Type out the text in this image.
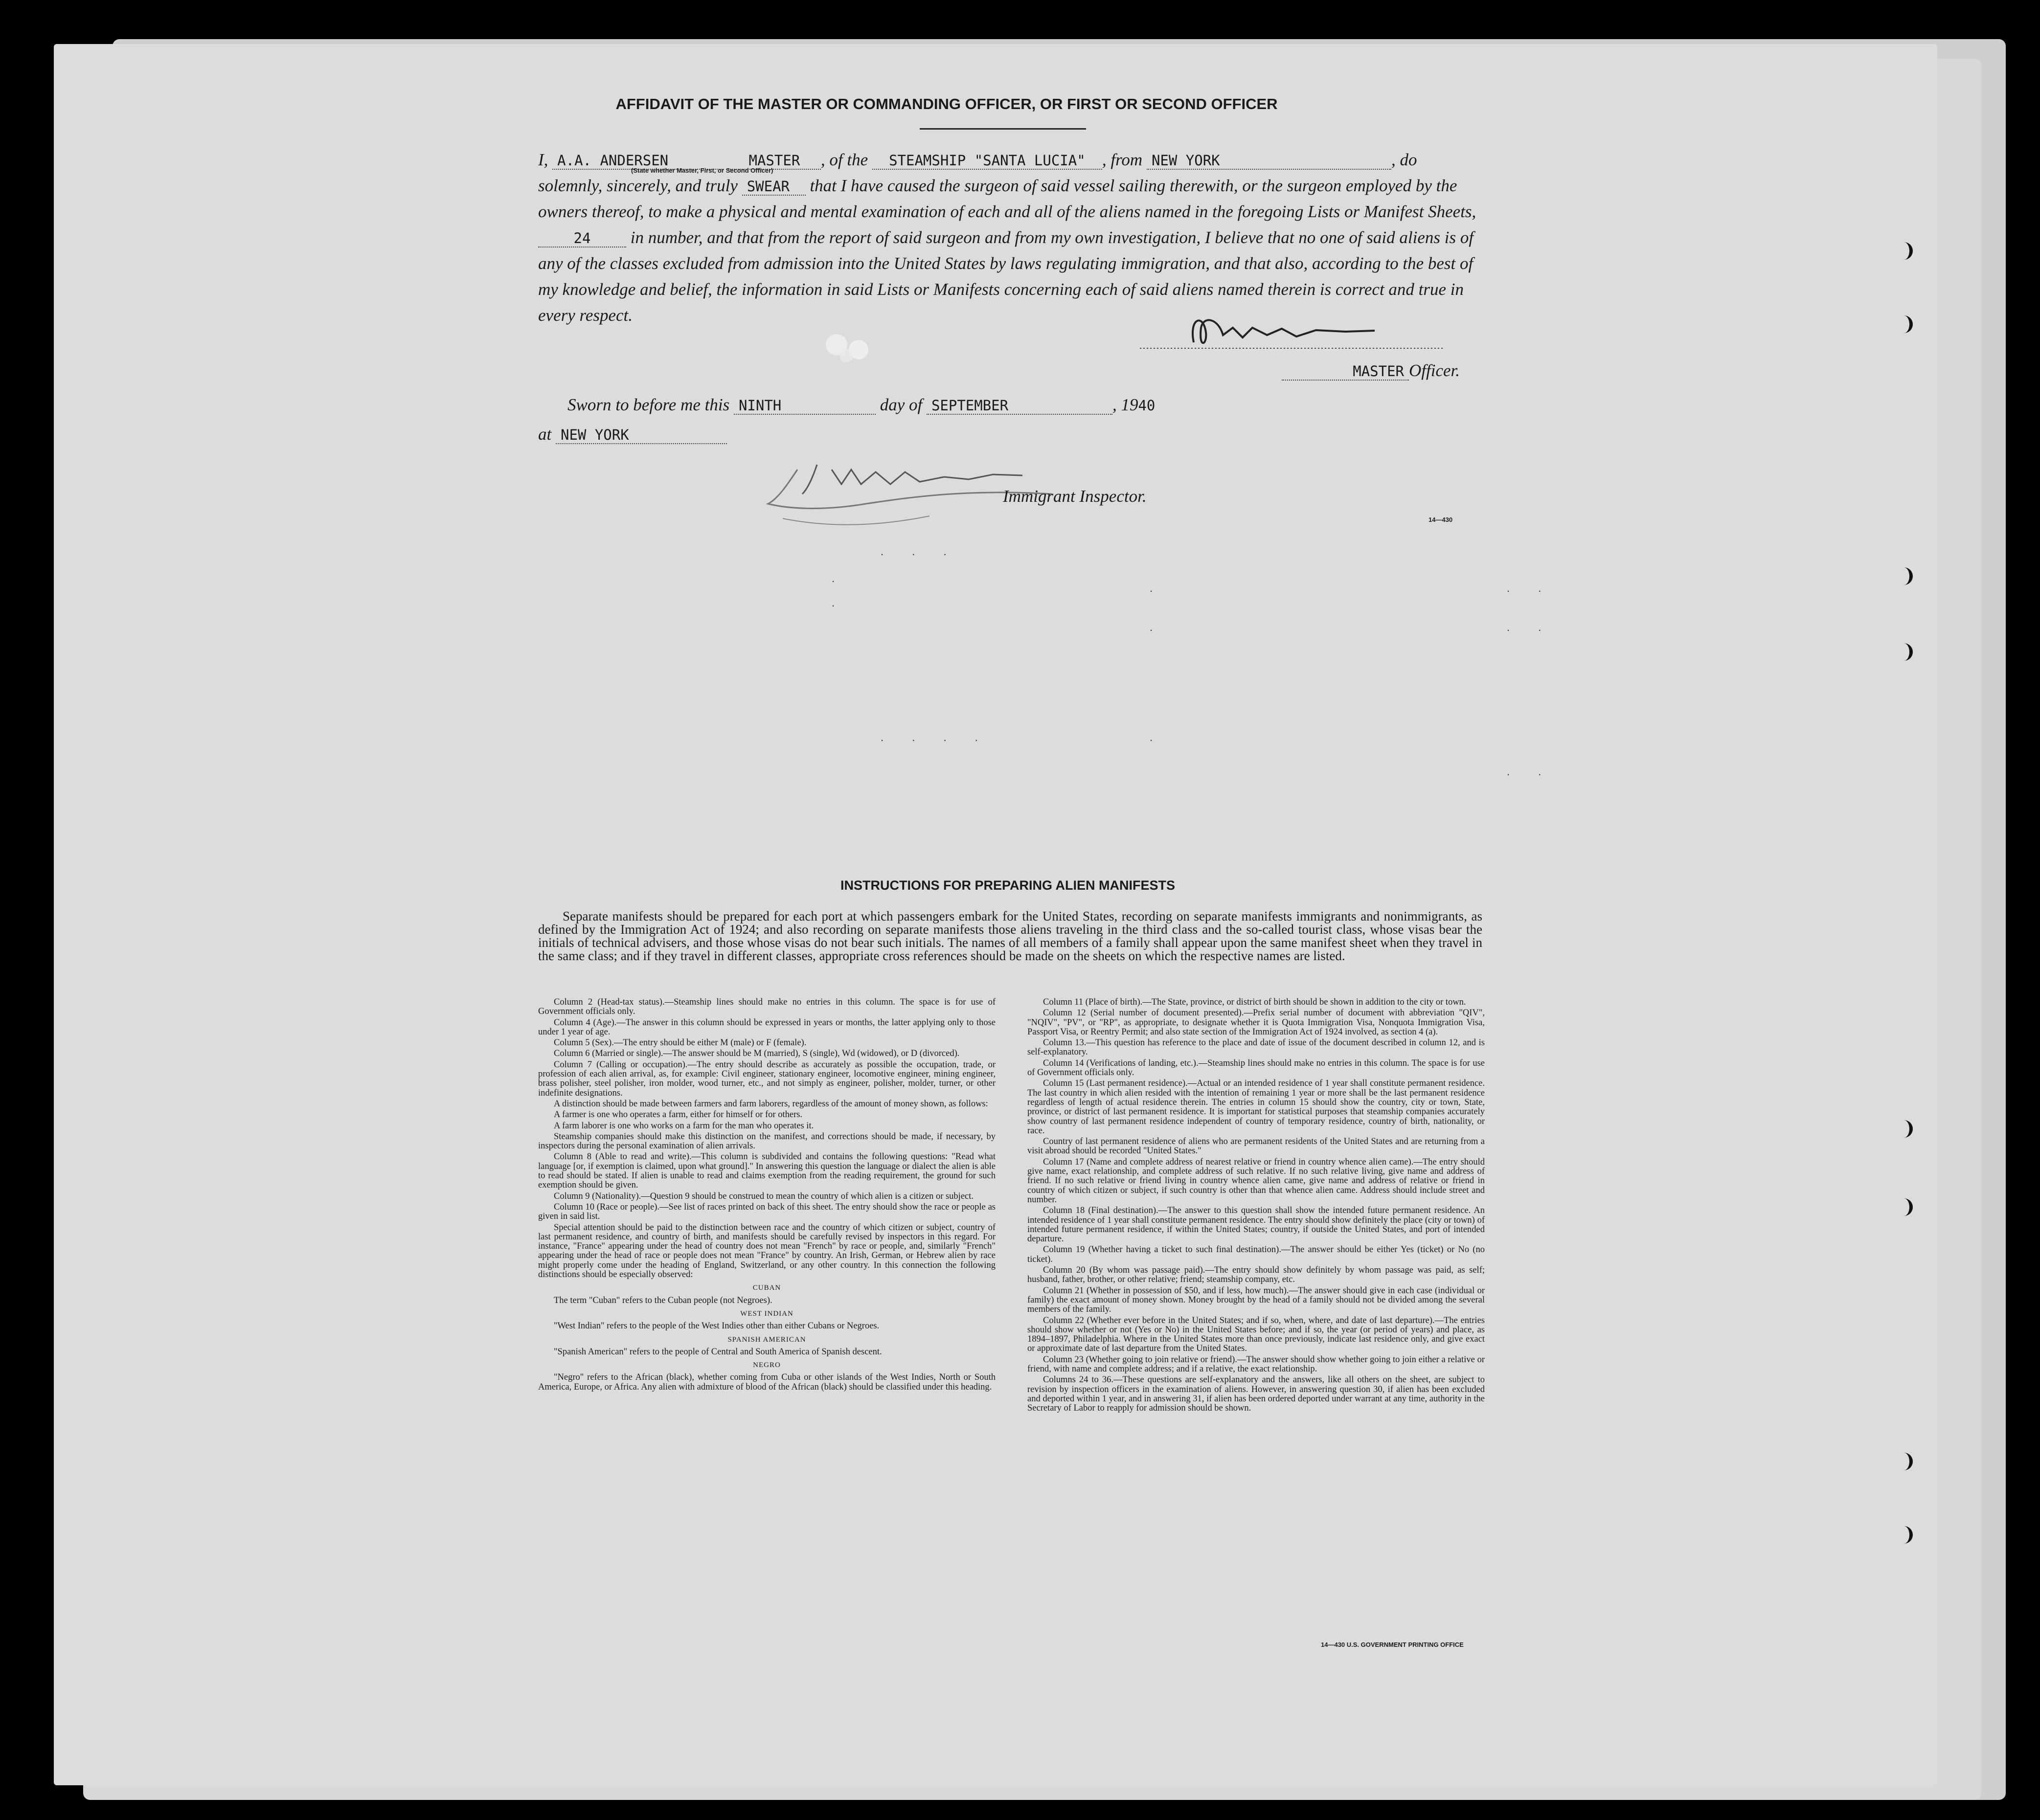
AFFIDAVIT OF THE MASTER OR COMMANDING OFFICER, OR FIRST OR SECOND OFFICER
I, A.A. ANDERSEN	MASTER , of the STEAMSHIP "SANTA LUCIA" , from NEW YORK	, do
solemnly, sincerely, and truly SWEAR that I have caused the surgeon of said vessel sailing therewith, or the surgeon employed by the owners thereof, to make a physical and mental examination of each and all of the aliens named in the foregoing Lists or Manifest Sheets, 24 in number, and that from the report of said surgeon and from my own investigation, I believe that no one of said aliens is of any of the classes excluded from admission into the United States by laws regulating immigration, and that also, according to the best of my knowledge and belief, the information in said Lists or Manifests concerning each of said aliens named therein is correct and true in every respect.
(State whether Master, First, or Second Officer)
MASTER Officer.
Sworn to before me this NINTH	day of SEPTEMBER	, 1940
at NEW YORK
Immigrant Inspector.
14—430
. . .
.
.	. .
.
.	. .
. . . .	.
. .
INSTRUCTIONS FOR PREPARING ALIEN MANIFESTS
Separate manifests should be prepared for each port at which passengers embark for the United States, recording on separate manifests immigrants and nonimmigrants, as defined by the Immigration Act of 1924; and also recording on separate manifests those aliens traveling in the third class and the so-called tourist class, whose visas bear the initials of technical advisers, and those whose visas do not bear such initials. The names of all members of a family shall appear upon the same manifest sheet when they travel in the same class; and if they travel in different classes, appropriate cross references should be made on the sheets on which the respective names are listed.

Column 2 (Head-tax status).—Steamship lines should make no entries in this column. The space is for use of Government officials only.

Column 4 (Age).—The answer in this column should be expressed in years or months, the latter applying only to those under 1 year of age.

Column 5 (Sex).—The entry should be either M (male) or F (female).

Column 6 (Married or single).—The answer should be M (married), S (single), Wd (widowed), or D (divorced).

Column 7 (Calling or occupation).—The entry should describe as accurately as possible the occupation, trade, or profession of each alien arrival, as, for example: Civil engineer, stationary engineer, locomotive engineer, mining engineer, brass polisher, steel polisher, iron molder, wood turner, etc., and not simply as engineer, polisher, molder, turner, or other indefinite designations.

A distinction should be made between farmers and farm laborers, regardless of the amount of money shown, as follows:

A farmer is one who operates a farm, either for himself or for others.

A farm laborer is one who works on a farm for the man who operates it.

Steamship companies should make this distinction on the manifest, and corrections should be made, if necessary, by inspectors during the personal examination of alien arrivals.

Column 8 (Able to read and write).—This column is subdivided and contains the following questions: "Read what language [or, if exemption is claimed, upon what ground]." In answering this question the language or dialect the alien is able to read should be stated. If alien is unable to read and claims exemption from the reading requirement, the ground for such exemption should be given.

Column 9 (Nationality).—Question 9 should be construed to mean the country of which alien is a citizen or subject.

Column 10 (Race or people).—See list of races printed on back of this sheet. The entry should show the race or people as given in said list.

Special attention should be paid to the distinction between race and the country of which citizen or subject, country of last permanent residence, and country of birth, and manifests should be carefully revised by inspectors in this regard. For instance, "France" appearing under the head of country does not mean "French" by race or people, and, similarly "French" appearing under the head of race or people does not mean "France" by country. An Irish, German, or Hebrew alien by race might properly come under the heading of England, Switzerland, or any other country. In this connection the following distinctions should be especially observed:

CUBAN

The term "Cuban" refers to the Cuban people (not Negroes).

WEST INDIAN

"West Indian" refers to the people of the West Indies other than either Cubans or Negroes.

SPANISH AMERICAN

"Spanish American" refers to the people of Central and South America of Spanish descent.

NEGRO

"Negro" refers to the African (black), whether coming from Cuba or other islands of the West Indies, North or South America, Europe, or Africa. Any alien with admixture of blood of the African (black) should be classified under this heading.

Column 11 (Place of birth).—The State, province, or district of birth should be shown in addition to the city or town.

Column 12 (Serial number of document presented).—Prefix serial number of document with abbreviation "QIV", "NQIV", "PV", or "RP", as appropriate, to designate whether it is Quota Immigration Visa, Nonquota Immigration Visa, Passport Visa, or Reentry Permit; and also state section of the Immigration Act of 1924 involved, as section 4 (a).

Column 13.—This question has reference to the place and date of issue of the document described in column 12, and is self-explanatory.

Column 14 (Verifications of landing, etc.).—Steamship lines should make no entries in this column. The space is for use of Government officials only.

Column 15 (Last permanent residence).—Actual or an intended residence of 1 year shall constitute permanent residence. The last country in which alien resided with the intention of remaining 1 year or more shall be the last permanent residence regardless of length of actual residence therein. The entries in column 15 should show the country, city or town, State, province, or district of last permanent residence. It is important for statistical purposes that steamship companies accurately show country of last permanent residence independent of country of temporary residence, country of birth, nationality, or race.

Country of last permanent residence of aliens who are permanent residents of the United States and are returning from a visit abroad should be recorded "United States."

Column 17 (Name and complete address of nearest relative or friend in country whence alien came).—The entry should give name, exact relationship, and complete address of such relative. If no such relative living, give name and address of friend. If no such relative or friend living in country whence alien came, give name and address of relative or friend in country of which citizen or subject, if such country is other than that whence alien came. Address should include street and number.

Column 18 (Final destination).—The answer to this question shall show the intended future permanent residence. An intended residence of 1 year shall constitute permanent residence. The entry should show definitely the place (city or town) of intended future permanent residence, if within the United States; country, if outside the United States, and port of intended departure.

Column 19 (Whether having a ticket to such final destination).—The answer should be either Yes (ticket) or No (no ticket).

Column 20 (By whom was passage paid).—The entry should show definitely by whom passage was paid, as self; husband, father, brother, or other relative; friend; steamship company, etc.

Column 21 (Whether in possession of $50, and if less, how much).—The answer should give in each case (individual or family) the exact amount of money shown. Money brought by the head of a family should not be divided among the several members of the family.

Column 22 (Whether ever before in the United States; and if so, when, where, and date of last departure).—The entries should show whether or not (Yes or No) in the United States before; and if so, the year (or period of years) and place, as 1894–1897, Philadelphia. Where in the United States more than once previously, indicate last residence only, and give exact or approximate date of last departure from the United States.

Column 23 (Whether going to join relative or friend).—The answer should show whether going to join either a relative or friend, with name and complete address; and if a relative, the exact relationship.

Columns 24 to 36.—These questions are self-explanatory and the answers, like all others on the sheet, are subject to revision by inspection officers in the examination of aliens. However, in answering question 30, if alien has been excluded and deported within 1 year, and in answering 31, if alien has been ordered deported under warrant at any time, authority in the Secretary of Labor to reapply for admission should be shown.

14—430 U.S. GOVERNMENT PRINTING OFFICE
